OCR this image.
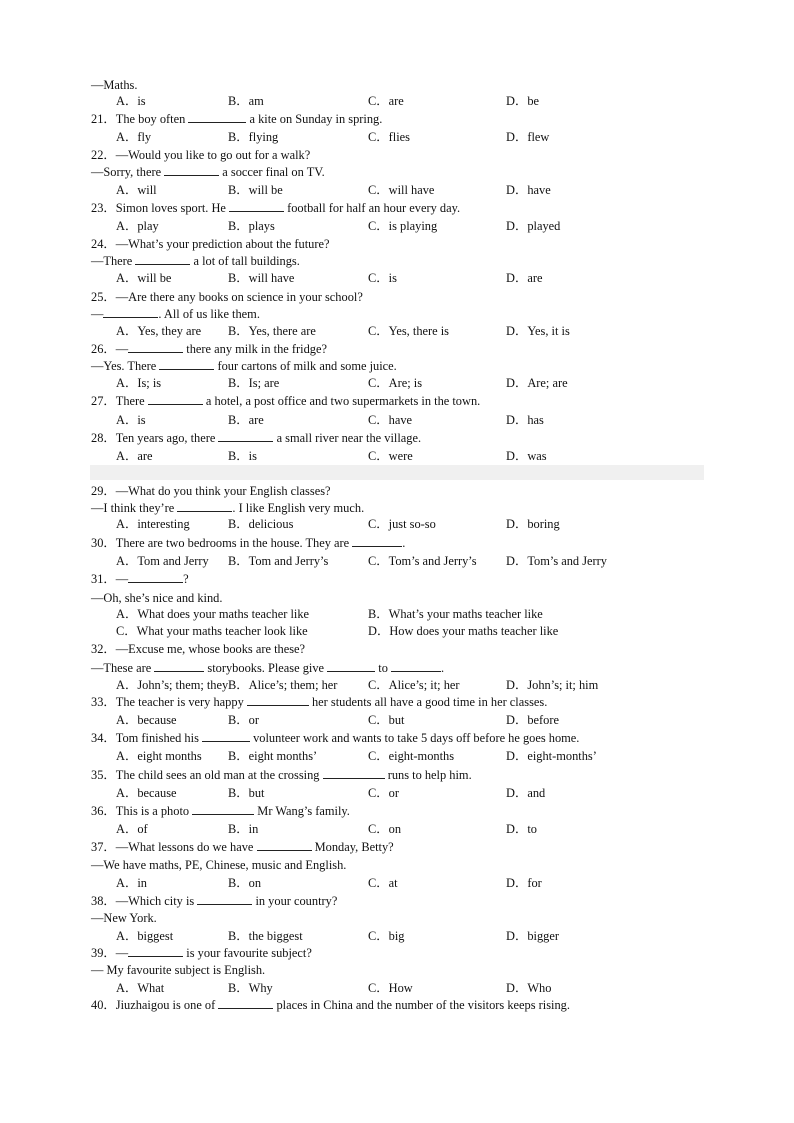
—Maths.
A．is	B．am	C．are	D．be
21．The boy often	a kite on Sunday in spring.
A．fly	B．flying	C．flies	D．flew
22．—Would you like to go out for a walk?
—Sorry, there	a soccer final on TV.
A．will	B．will be	C．will have	D．have
23．Simon loves sport. He	football for half an hour every day.
A．play	B．plays	C．is playing	D．played
24．—What’s your prediction about the future?
—There	a lot of tall buildings.
A．will be	B．will have	C．is	D．are
25．—Are there any books on science in your school?
—	. All of us like them.
A．Yes, they are B．Yes, there are	C．Yes, there is	D．Yes, it is
26．—	there any milk in the fridge?
—Yes. There	four cartons of milk and some juice.
A．Is; is	B．Is; are	C．Are; is	D．Are; are
27．There	a hotel, a post office and two supermarkets in the town.
A．is	B．are	C．have	D．has
28．Ten years ago, there	a small river near the village.
A．are	B．is	C．were	D．was
29．—What do you think your English classes?
—I think they’re	. I like English very much.
A．interesting	B．delicious	C．just so-so	D．boring
30．There are two bedrooms in the house. They are	.
A．Tom and Jerry B．Tom and Jerry’s	C．Tom’s and Jerry’s D．Tom’s and Jerry
31．—	?
—Oh, she’s nice and kind.
A．What does your maths teacher like	B．What’s your maths teacher like
C．What your maths teacher look like	D．How does your maths teacher like
32．—Excuse me, whose books are these?
—These are	storybooks. Please give	to	.
A．John’s; them; they B．Alice’s; them; her C．Alice’s; it; her	D．John’s; it; him
33．The teacher is very happy	her students all have a good time in her classes.
A．because	B．or	C．but	D．before
34．Tom finished his	volunteer work and wants to take 5 days off before he goes home.
A．eight months B．eight months’	C．eight-months	D．eight-months’
35．The child sees an old man at the crossing	runs to help him.
A．because	B．but	C．or	D．and
36．This is a photo	Mr Wang’s family.
A．of	B．in	C．on	D．to
37．—What lessons do we have	Monday, Betty?
—We have maths, PE, Chinese, music and English.
A．in	B．on	C．at	D．for
38．—Which city is	in your country?
—New York.
A．biggest	B．the biggest	C．big	D．bigger
39．—	is your favourite subject?
— My favourite subject is English.
A．What	B．Why	C．How	D．Who
40．Jiuzhaigou is one of	places in China and the number of the visitors keeps rising.
